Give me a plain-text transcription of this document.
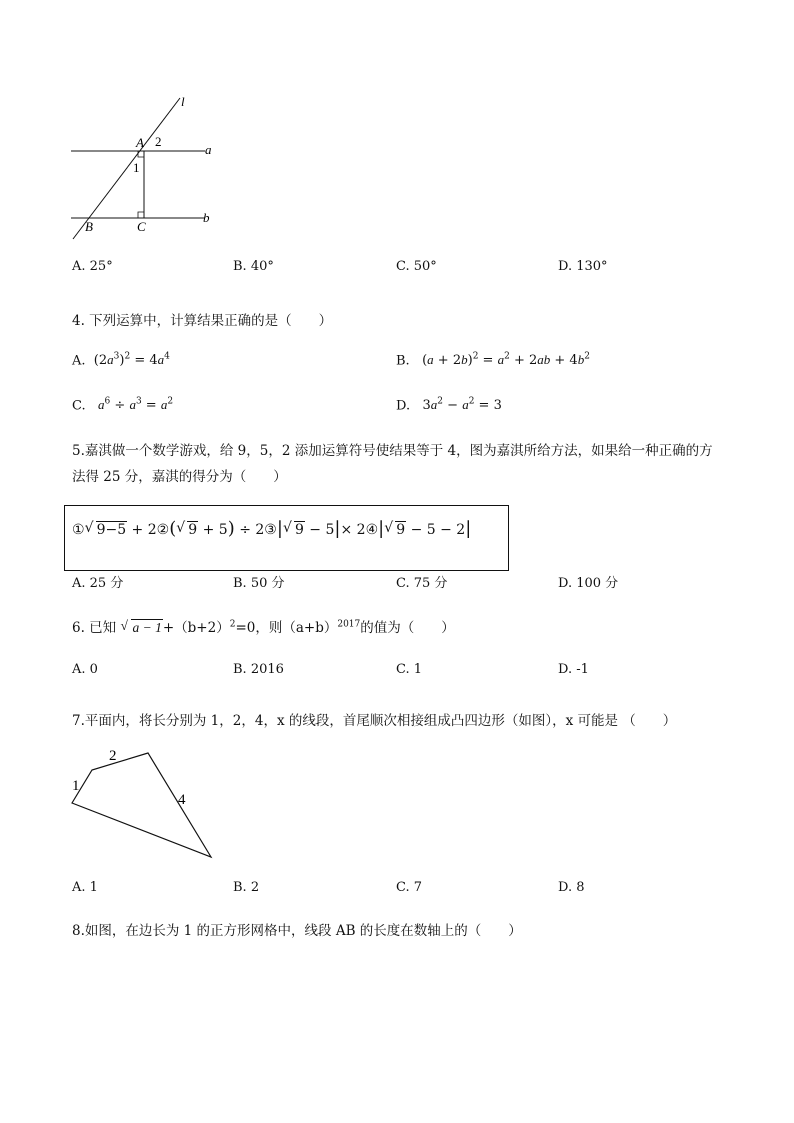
l
A 2
a
1
b
B	C
A. 25°	B. 40°	C. 50°	D. 130°
4. 下列运算中，计算结果正确的是（　　）
A.  $(2a^3)^2 = 4a^4$	B.   $(a + 2b)^2 = a^2 + 2ab + 4b^2$
C. $a^6 \div a^3 = a^2$	D.   $3a^2 - a^2 = 3$
5.嘉淇做一个数学游戏，给 9，5，2 添加运算符号使结果等于 4，图为嘉淇所给方法，如果给一种正确的方
法得 25 分，嘉淇的得分为（　　）
① √ 9−5 + 2②( √ 9 + 5) ÷ 2③| √ 9 − 5|× 2④| √ 9 − 5 − 2|
A. 25 分	B. 50 分	C. 75 分	D. 100 分
6. 已知 √ $a - 1+(b+2)^2=0$，则$(a+b)^{2017}$的值为（　　）
A. 0	B. 2016	C. 1	D. -1
7.平面内，将长分别为 1，2，4，x 的线段，首尾顺次相接组成凸四边形（如图），x 可能是 （　　）
1
2
4
A. 1	B. 2	C. 7	D. 8
8.如图，在边长为 1 的正方形网格中，线段 AB 的长度在数轴上的（　　）
